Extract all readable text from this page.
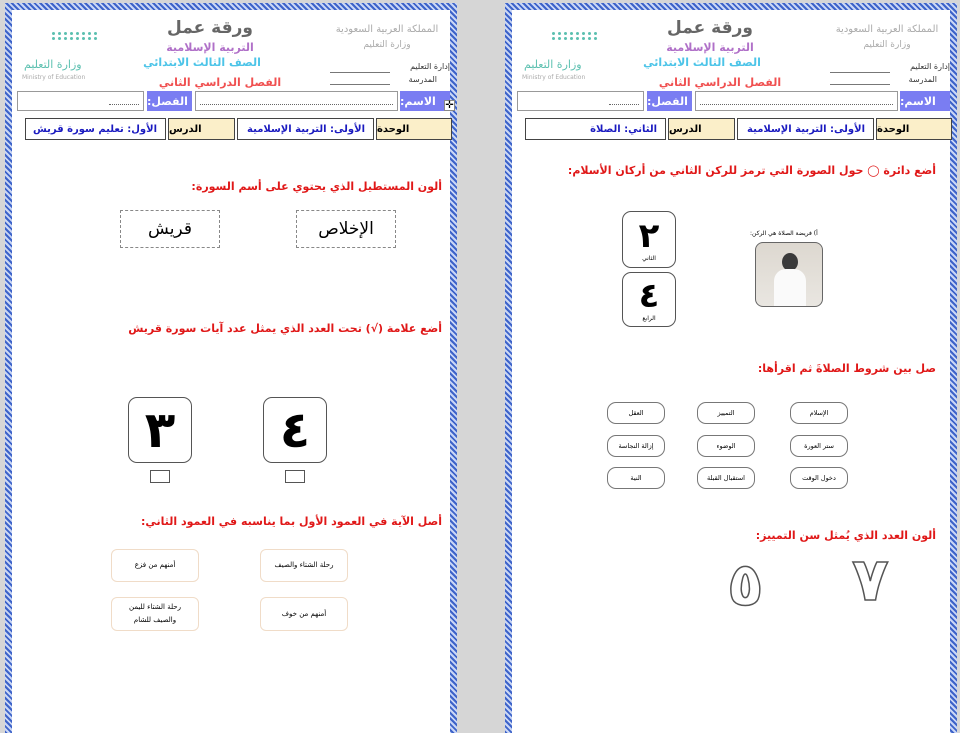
وزارة التعليم
Ministry of Education
ورقة عمل
التربية الإسلامية
الصف الثالث الابتدائي
الفصل الدراسي الثاني
المملكة العربية السعودية
وزارة التعليم
إدارة التعليم
المدرسة
الاسم:
الفصل:
الوحدة
الأولى: التربية الإسلامية
الدرس
الأول: تعليم سورة قريش
ألون المستطيل الذي يحتوي على أسم السورة:
الإخلاص
قريش
أضع علامة (√) تحت العدد الذي يمثل عدد آيات سورة قريش
٤
٣
أصل الآية في العمود الأول بما يناسبه في العمود الثاني:
رحلة الشتاء والصيف
أمنهم من خوف
أمنهم من فزع
رحلة الشتاء لليمن والصيف للشام
✛
وزارة التعليم
Ministry of Education
ورقة عمل
التربية الإسلامية
الصف الثالث الابتدائي
الفصل الدراسي الثاني
المملكة العربية السعودية
وزارة التعليم
إدارة التعليم
المدرسة
الاسم:
الفصل:
الوحدة
الأولى: التربية الإسلامية
الدرس
الثاني: الصلاة
أضع دائرة ◯ حول الصورة التي ترمز للركن الثاني من أركان الأسلام:
أ) فريضة الصلاة هي الركن:
٢
الثاني
٤
الرابع
صل بين شروط الصلاةَ ثم اقرأها:
الإسلام
التمييز
العقل
ستر العورة
الوضوء
إزالة النجاسة
دخول الوقت
استقبال القبلة
النية
ألون العدد الذي يُمثل سن التمييز:
٧
٥
